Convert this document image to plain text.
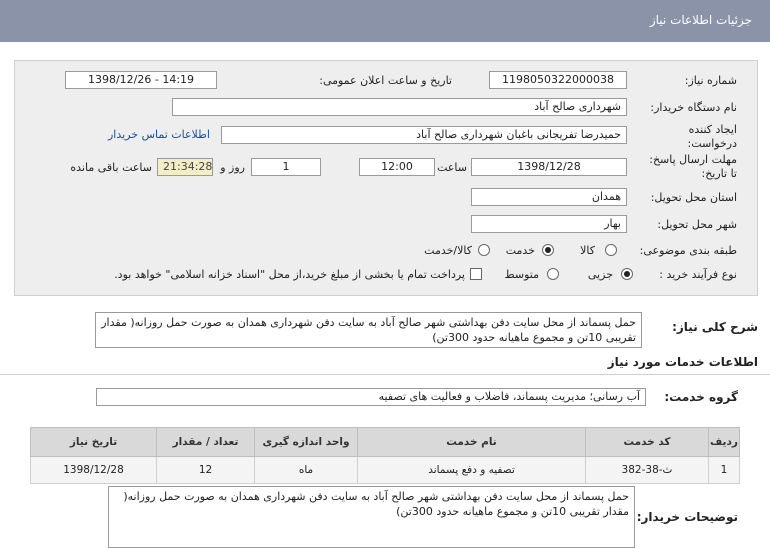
جزئیات اطلاعات نیاز
شماره نیاز:
1198050322000038
تاریخ و ساعت اعلان عمومی:
1398/12/26 - 14:19
نام دستگاه خریدار:
شهرداری صالح آباد
ایجاد کننده
درخواست:
حمیدرضا تفریجانی باغبان شهرداری صالح آباد
اطلاعات تماس خریدار
مهلت ارسال پاسخ:
تا تاریخ:
1398/12/28
ساعت
12:00
1
روز و
21:34:28
ساعت باقی مانده
استان محل تحویل:
همدان
شهر محل تحویل:
بهار
طبقه بندی موضوعی:
کالا
خدمت
کالا/خدمت
نوع فرآیند خرید :
جزیی
متوسط
پرداخت تمام یا بخشی از مبلغ خرید،از محل "اسناد خزانه اسلامی" خواهد بود.
شرح کلی نیاز:
حمل پسماند از محل سایت دفن بهداشتی شهر صالح آباد به سایت دفن شهرداری همدان به صورت حمل روزانه( مقدار تقریبی 10تن و مجموع ماهیانه حدود 300تن)
اطلاعات خدمات مورد نیاز
گروه خدمت:
آب رسانی؛ مدیریت پسماند، فاضلاب و فعالیت های تصفیه
ردیف	کد خدمت	نام خدمت	واحد اندازه گیری	تعداد / مقدار	تاریخ نیاز
1	ث-38-382	تصفیه و دفع پسماند	ماه	12	1398/12/28
توضیحات خریدار:
حمل پسماند از محل سایت دفن بهداشتی شهر صالح آباد به سایت دفن شهرداری همدان به صورت حمل روزانه( مقدار تقریبی 10تن و مجموع ماهیانه حدود 300تن)
